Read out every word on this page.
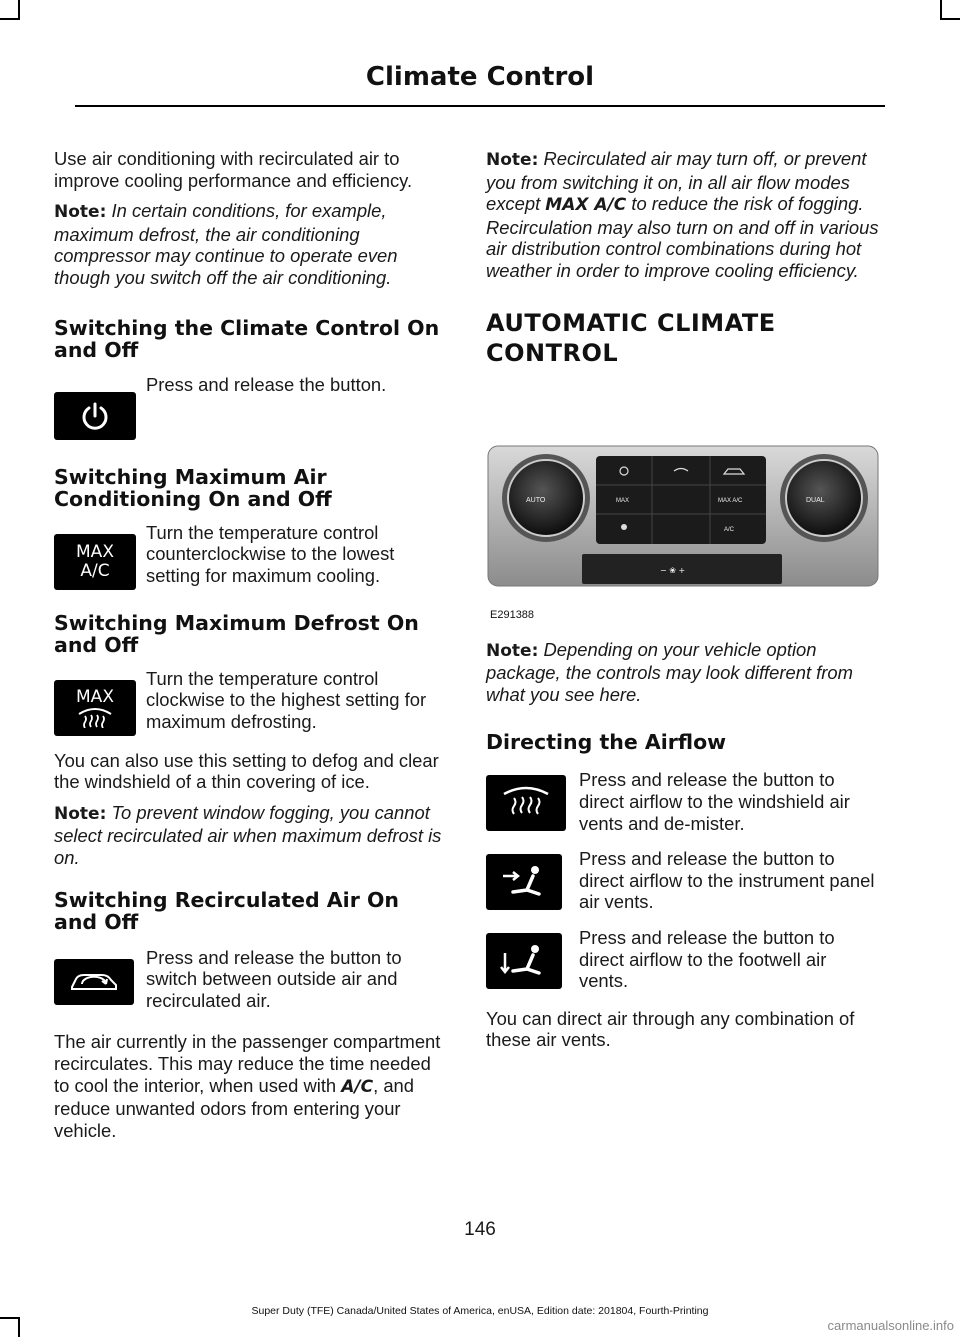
Climate Control

Use air conditioning with recirculated air to improve cooling performance and efficiency.

Note: In certain conditions, for example, maximum defrost, the air conditioning compressor may continue to operate even though you switch off the air conditioning.

Switching the Climate Control On and Off

Press and release the button.

Switching Maximum Air Conditioning On and Off
MAX
A/C

Turn the temperature control counterclockwise to the lowest setting for maximum cooling.

Switching Maximum Defrost On and Off
MAX

Turn the temperature control clockwise to the highest setting for maximum defrosting.

You can also use this setting to defog and clear the windshield of a thin covering of ice.

Note: To prevent window fogging, you cannot select recirculated air when maximum defrost is on.

Switching Recirculated Air On and Off

Press and release the button to switch between outside air and recirculated air.

The air currently in the passenger compartment recirculates. This may reduce the time needed to cool the interior, when used with A/C, and reduce unwanted odors from entering your vehicle.

Note: Recirculated air may turn off, or prevent you from switching it on, in all air flow modes except MAX A/C to reduce the risk of fogging. Recirculation may also turn on and off in various air distribution control combinations during hot weather in order to improve cooling efficiency.

AUTOMATIC CLIMATE
CONTROL
AUTO	DUAL
MAX	MAX A/C
A/C
− ❀ +
E291388

Note: Depending on your vehicle option package, the controls may look different from what you see here.

Directing the Airflow

Press and release the button to direct airflow to the windshield air vents and de-mister.

Press and release the button to direct airflow to the instrument panel air vents.

Press and release the button to direct airflow to the footwell air vents.

You can direct air through any combination of these air vents.

146
Super Duty (TFE) Canada/United States of America, enUSA, Edition date: 201804, Fourth-Printing
carmanualsonline.info
